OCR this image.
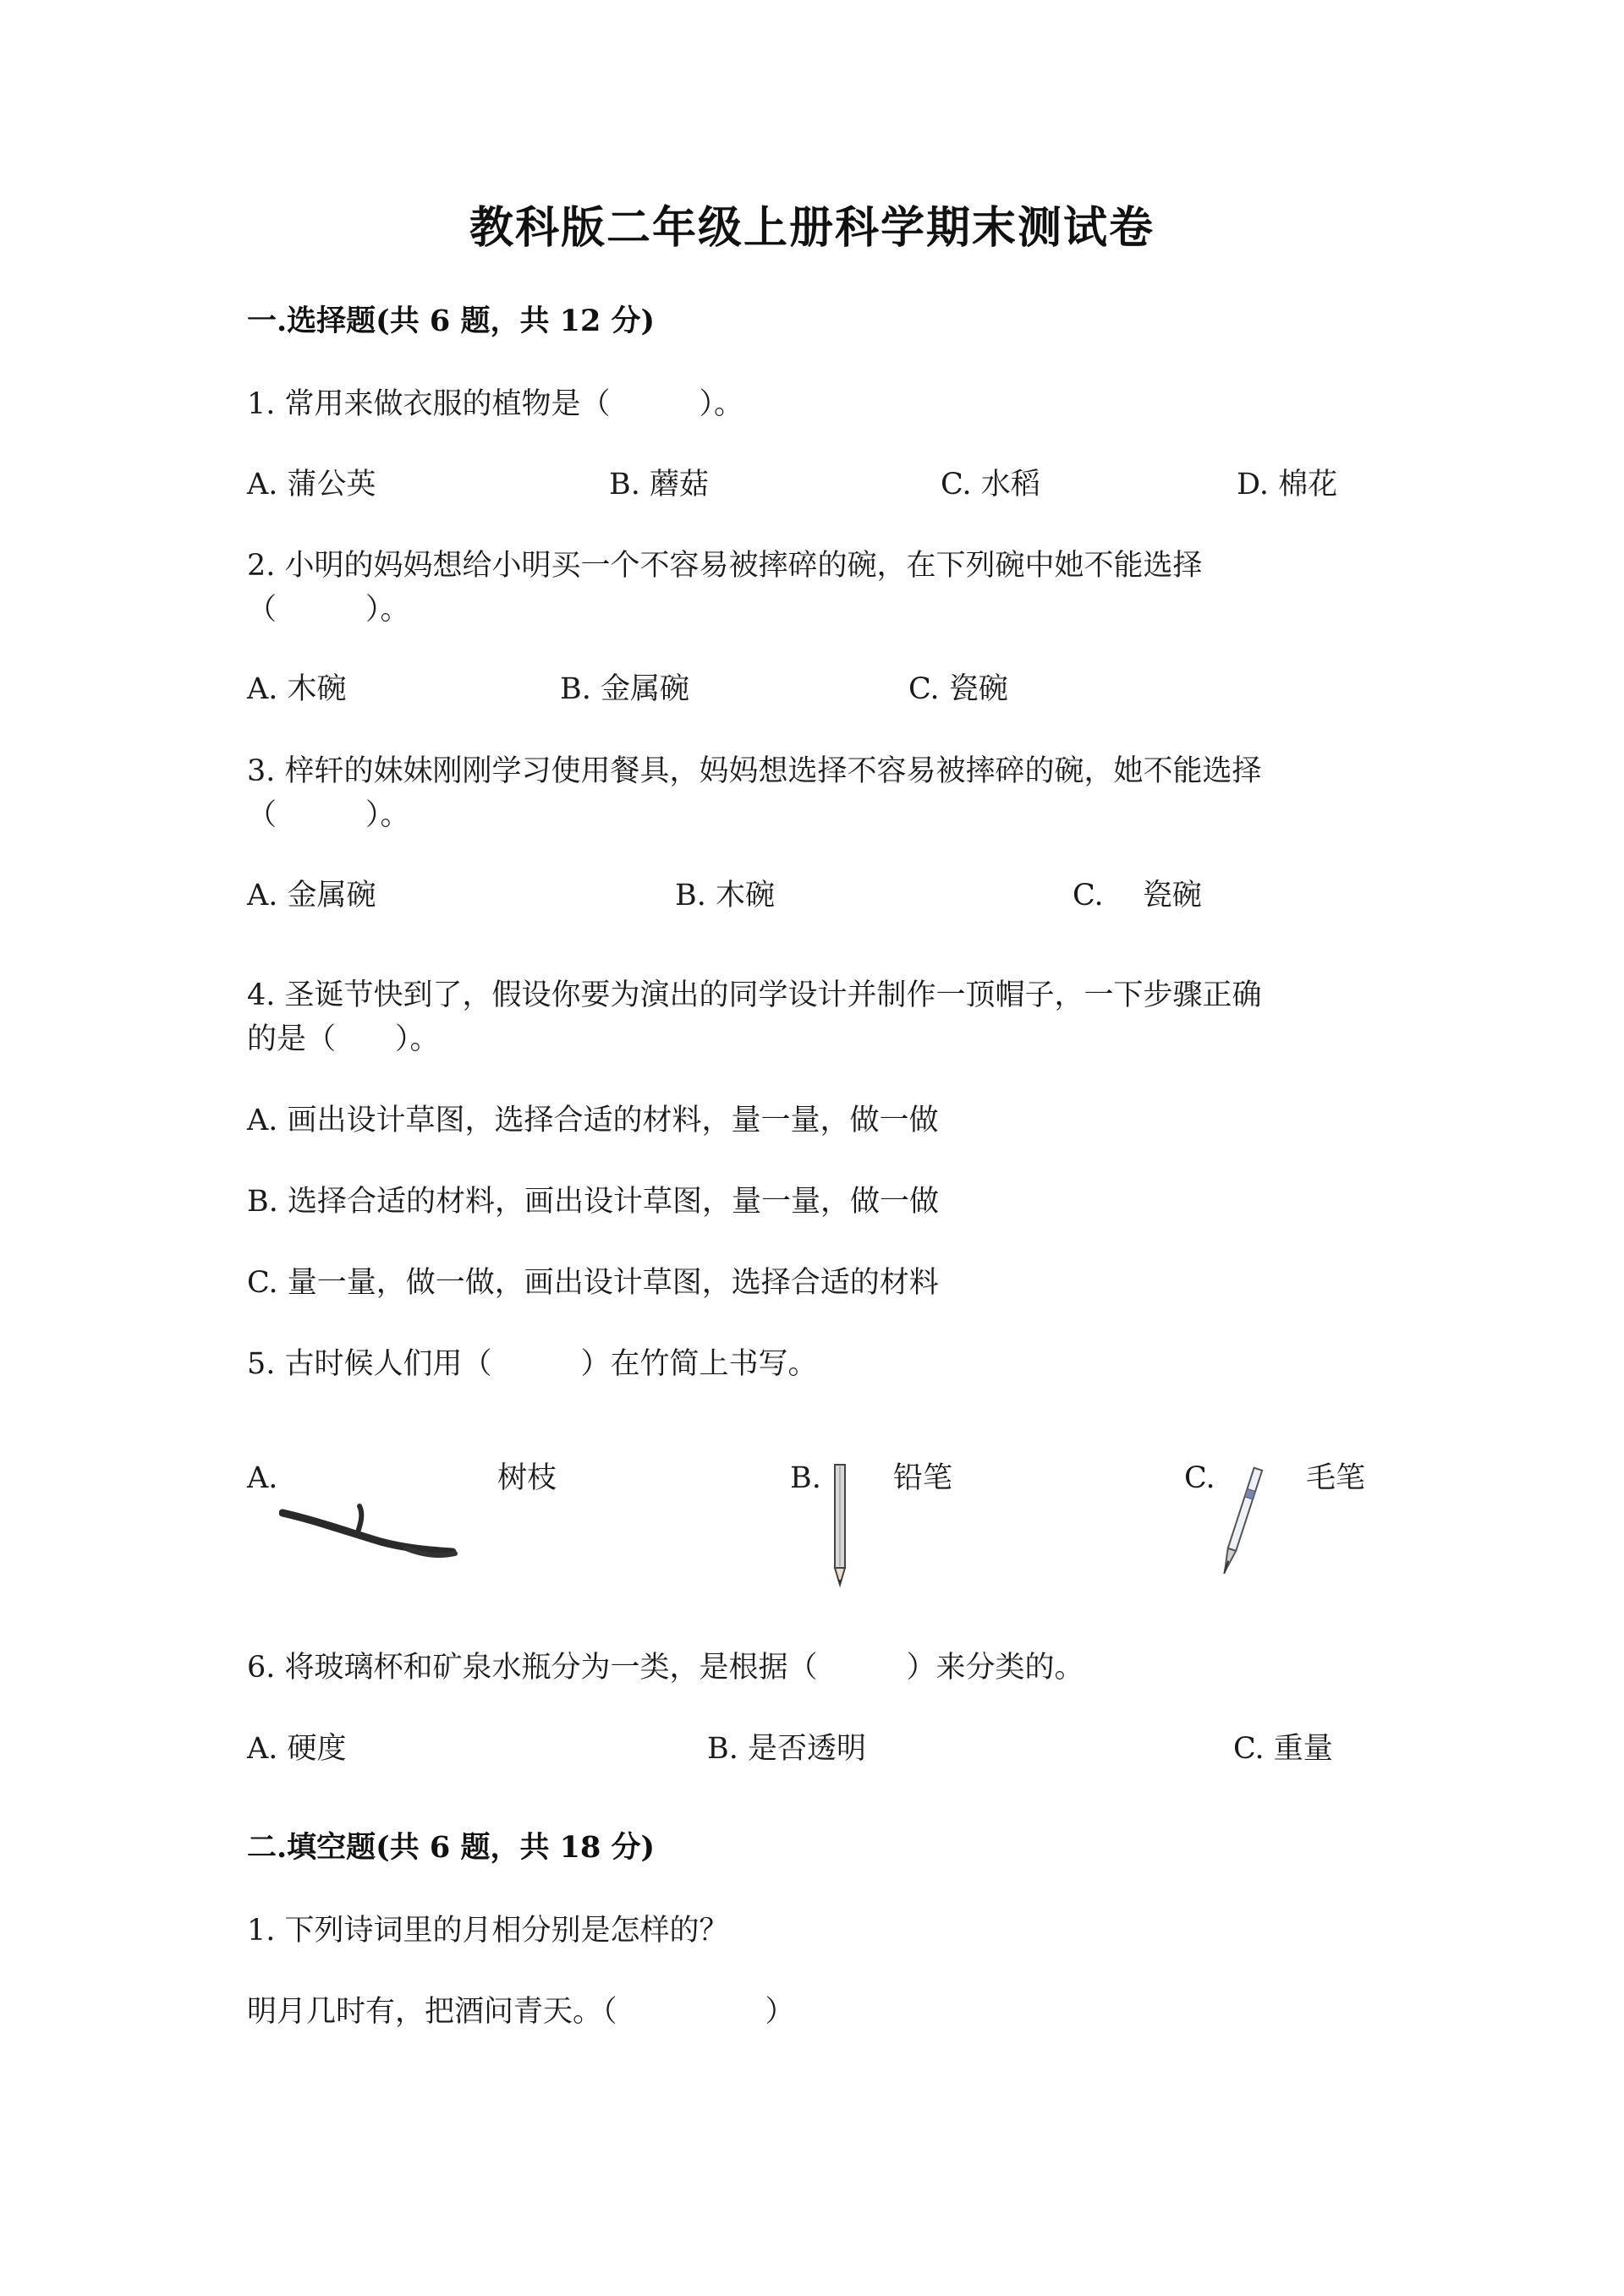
教科版二年级上册科学期末测试卷
一.选择题(共 6 题，共 12 分)
1. 常用来做衣服的植物是（　　　）。
A. 蒲公英	B. 蘑菇	C. 水稻	D. 棉花
2. 小明的妈妈想给小明买一个不容易被摔碎的碗，在下列碗中她不能选择
（　　　）。
A. 木碗	B. 金属碗	C. 瓷碗
3. 梓轩的妹妹刚刚学习使用餐具，妈妈想选择不容易被摔碎的碗，她不能选择
（　　　）。
A. 金属碗	B. 木碗	C.　 瓷碗
4. 圣诞节快到了，假设你要为演出的同学设计并制作一顶帽子，一下步骤正确
的是（　　）。
A. 画出设计草图，选择合适的材料，量一量，做一做
B. 选择合适的材料，画出设计草图，量一量，做一做
C. 量一量，做一做，画出设计草图，选择合适的材料
5. 古时候人们用（　　　）在竹简上书写。
A.	树枝	B. 铅笔	C.	毛笔
6. 将玻璃杯和矿泉水瓶分为一类，是根据（　　　）来分类的。
A. 硬度	B. 是否透明	C. 重量
二.填空题(共 6 题，共 18 分)
1. 下列诗词里的月相分别是怎样的？
明月几时有，把酒问青天。（　　　　　）
